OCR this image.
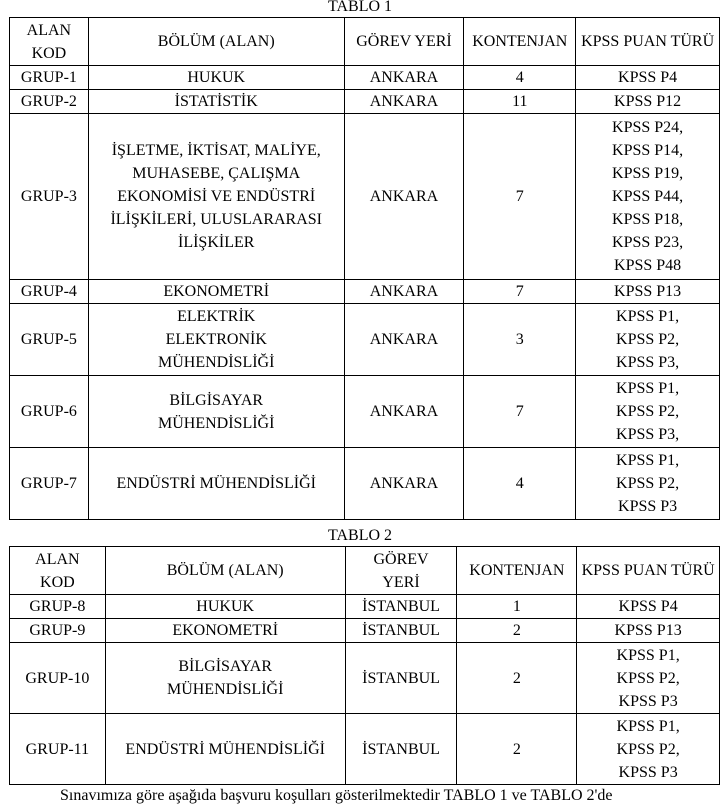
TABLO 1
ALAN KOD	BÖLÜM (ALAN)	GÖREV YERİ	KONTENJAN	KPSS PUAN TÜRÜ
GRUP-1	HUKUK	ANKARA	4	KPSS P4
GRUP-2	İSTATİSTİK	ANKARA	11	KPSS P12
GRUP-3	İŞLETME, İKTİSAT, MALİYE, MUHASEBE, ÇALIŞMA EKONOMİSİ VE ENDÜSTRİ İLİŞKİLERİ, ULUSLARARASI İLİŞKİLER	ANKARA	7	KPSS P24, KPSS P14, KPSS P19, KPSS P44, KPSS P18, KPSS P23, KPSS P48
GRUP-4	EKONOMETRİ	ANKARA	7	KPSS P13
GRUP-5	ELEKTRİK ELEKTRONİK MÜHENDİSLİĞİ	ANKARA	3	KPSS P1, KPSS P2, KPSS P3,
GRUP-6	BİLGİSAYAR MÜHENDİSLİĞİ	ANKARA	7	KPSS P1, KPSS P2, KPSS P3,
GRUP-7	ENDÜSTRİ MÜHENDİSLİĞİ	ANKARA	4	KPSS P1, KPSS P2, KPSS P3
TABLO 2
ALAN KOD	BÖLÜM (ALAN)	GÖREV YERİ	KONTENJAN	KPSS PUAN TÜRÜ
GRUP-8	HUKUK	İSTANBUL	1	KPSS P4
GRUP-9	EKONOMETRİ	İSTANBUL	2	KPSS P13
GRUP-10	BİLGİSAYAR MÜHENDİSLİĞİ	İSTANBUL	2	KPSS P1, KPSS P2, KPSS P3
GRUP-11	ENDÜSTRİ MÜHENDİSLİĞİ	İSTANBUL	2	KPSS P1, KPSS P2, KPSS P3
Sınavımıza göre aşağıda başvuru koşulları gösterilmektedir TABLO 1 ve TABLO 2'de
